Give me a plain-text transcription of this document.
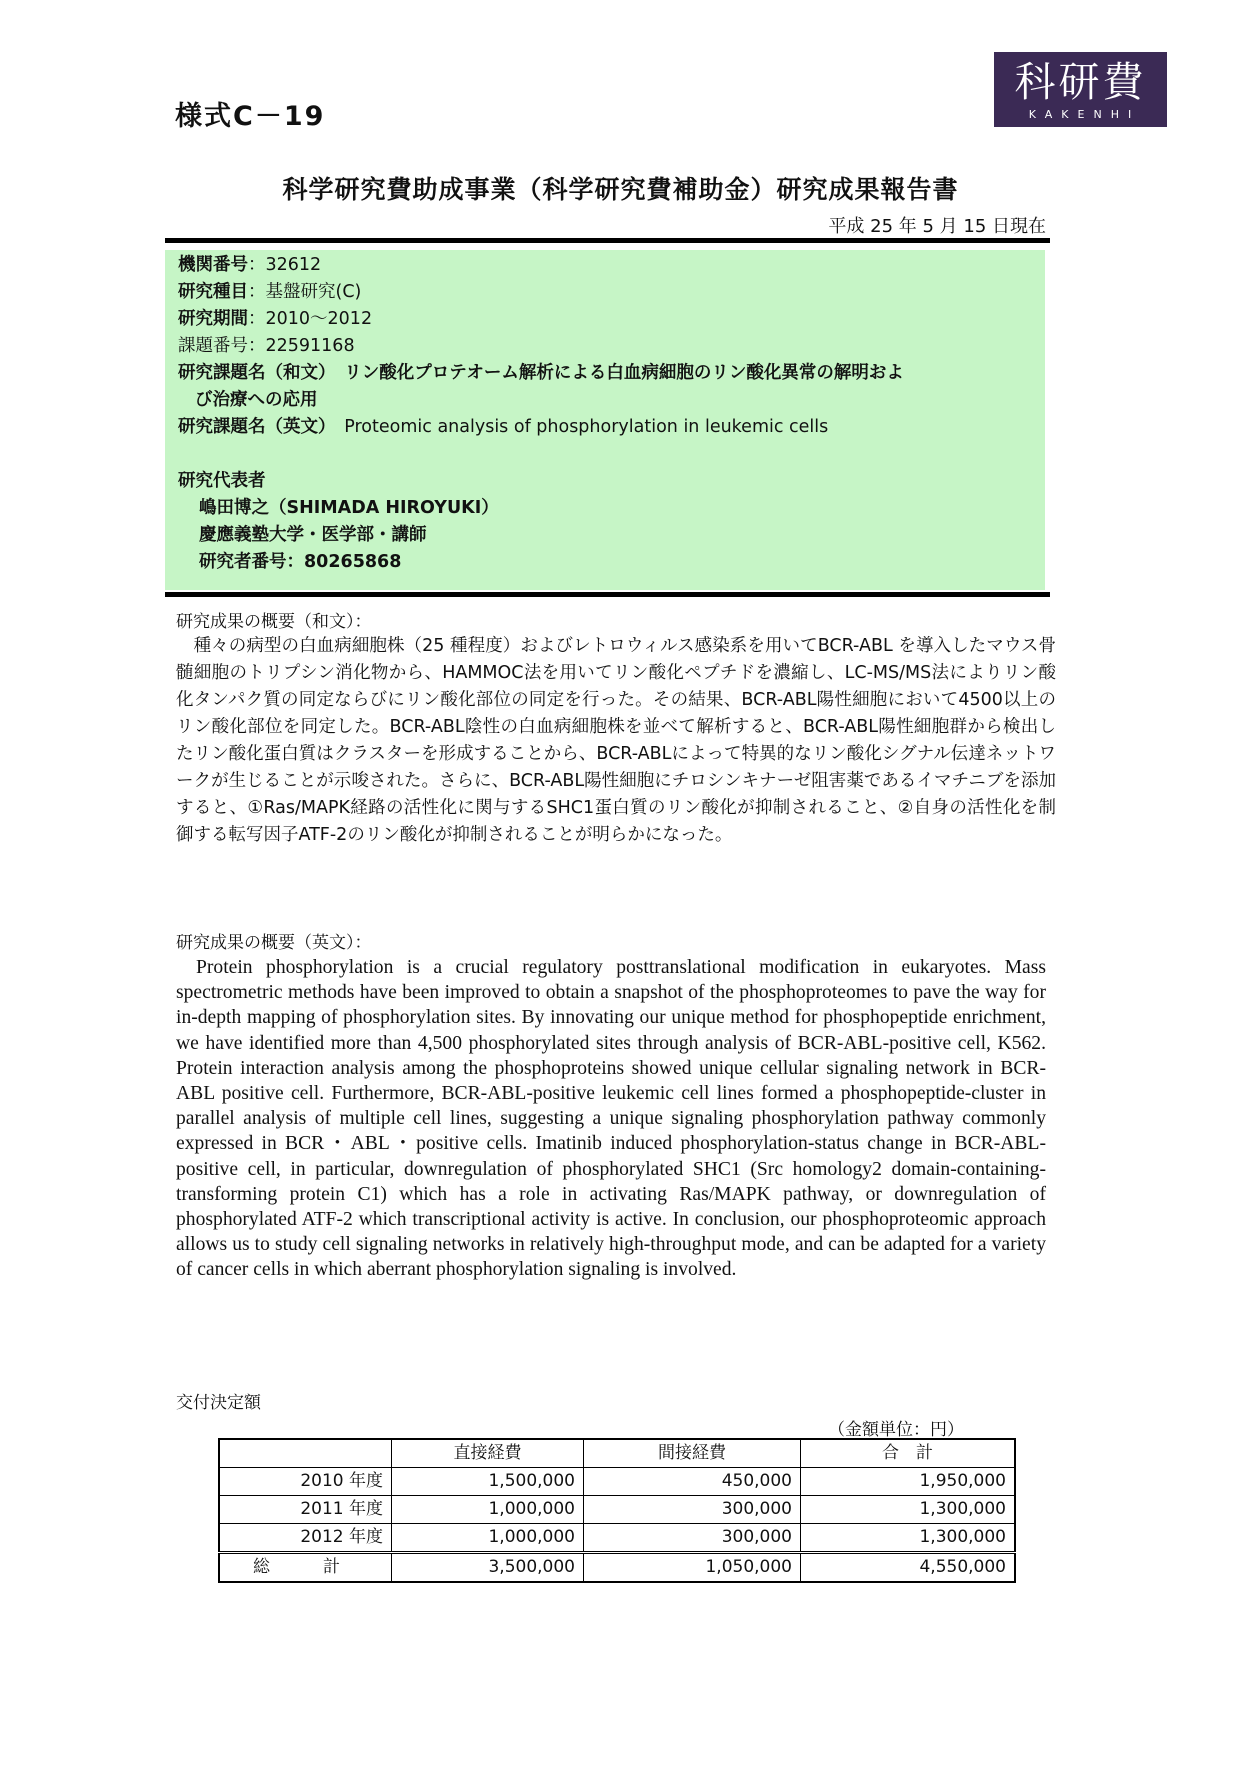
様式C－19
科研費
KAKENHI
科学研究費助成事業（科学研究費補助金）研究成果報告書
平成 25 年 5 月 15 日現在
機関番号：32612
研究種目：基盤研究(C)
研究期間：2010～2012
課題番号：22591168
研究課題名（和文）　リン酸化プロテオーム解析による白血病細胞のリン酸化異常の解明およ
び治療への応用
研究課題名（英文）　Proteomic analysis of phosphorylation in leukemic cells
研究代表者
嶋田博之（SHIMADA HIROYUKI）
慶應義塾大学・医学部・講師
研究者番号：80265868
研究成果の概要（和文）：

　種々の病型の白血病細胞株（25 種程度）およびレトロウィルス感染系を用いてBCR-ABL を導入したマウス骨髄細胞のトリプシン消化物から、HAMMOC法を用いてリン酸化ペプチドを濃縮し、LC-MS/MS法によりリン酸化タンパク質の同定ならびにリン酸化部位の同定を行った。その結果、BCR-ABL陽性細胞において4500以上のリン酸化部位を同定した。BCR-ABL陰性の白血病細胞株を並べて解析すると、BCR-ABL陽性細胞群から検出したリン酸化蛋白質はクラスターを形成することから、BCR-ABLによって特異的なリン酸化シグナル伝達ネットワークが生じることが示唆された。さらに、BCR-ABL陽性細胞にチロシンキナーゼ阻害薬であるイマチニブを添加すると、①Ras/MAPK経路の活性化に関与するSHC1蛋白質のリン酸化が抑制されること、②自身の活性化を制御する転写因子ATF-2のリン酸化が抑制されることが明らかになった。

研究成果の概要（英文）：

Protein phosphorylation is a crucial regulatory posttranslational modification in eukaryotes. Mass spectrometric methods have been improved to obtain a snapshot of the phosphoproteomes to pave the way for in-depth mapping of phosphorylation sites. By innovating our unique method for phosphopeptide enrichment, we have identified more than 4,500 phosphorylated sites through analysis of BCR-ABL-positive cell, K562. Protein interaction analysis among the phosphoproteins showed unique cellular signaling network in BCR-ABL positive cell. Furthermore, BCR-ABL-positive leukemic cell lines formed a phosphopeptide-cluster in parallel analysis of multiple cell lines, suggesting a unique signaling phosphorylation pathway commonly expressed in BCR・ABL・positive cells. Imatinib induced phosphorylation-status change in BCR-ABL-positive cell, in particular, downregulation of phosphorylated SHC1 (Src homology2 domain-containing-transforming protein C1) which has a role in activating Ras/MAPK pathway, or downregulation of phosphorylated ATF-2 which transcriptional activity is active. In conclusion, our phosphoproteomic approach allows us to study cell signaling networks in relatively high-throughput mode, and can be adapted for a variety of cancer cells in which aberrant phosphorylation signaling is involved.

交付決定額
（金額単位：円）
	直接経費	間接経費	合　計
2010 年度	1,500,000	450,000	1,950,000
2011 年度	1,000,000	300,000	1,300,000
2012 年度	1,000,000	300,000	1,300,000
総　計	3,500,000	1,050,000	4,550,000
